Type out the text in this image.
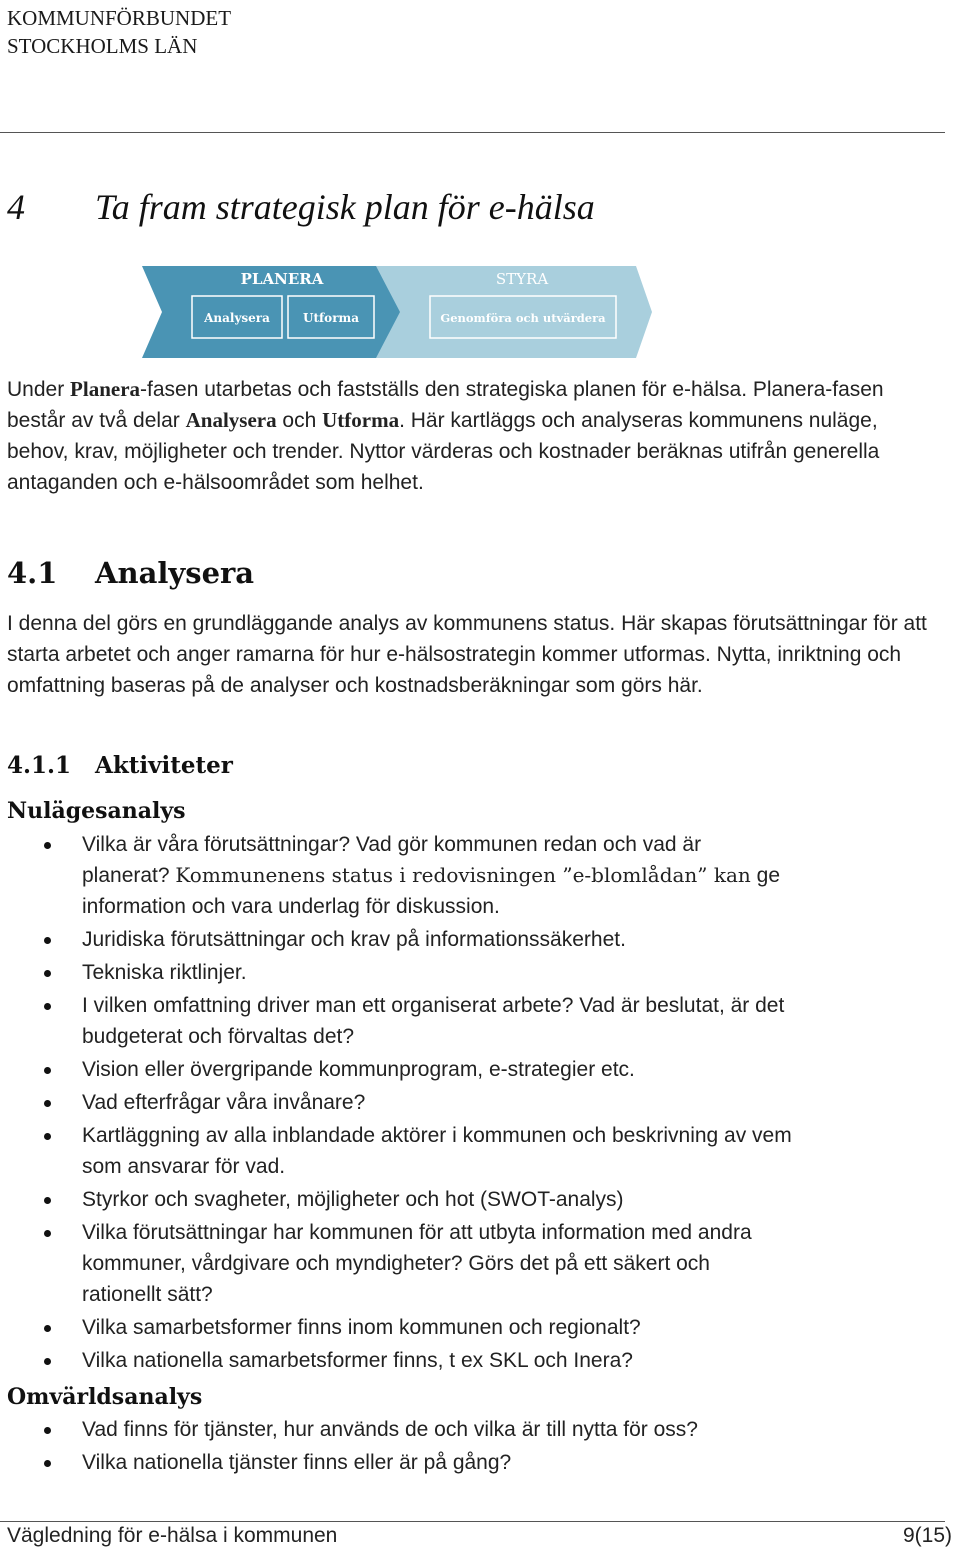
KOMMUNFÖRBUNDET
STOCKHOLMS LÄN
4 Ta fram strategisk plan för e-hälsa
PLANERA
Analysera	Utforma
STYRA
Genomföra och utvärdera

Under Planera-fasen utarbetas och fastställs den strategiska planen för e-hälsa. Planera-fasen består av två delar Analysera och Utforma. Här kartläggs och analyseras kommunens nuläge, behov, krav, möjligheter och trender. Nyttor värderas och kostnader beräknas utifrån generella antaganden och e-hälsoområdet som helhet.

4.1 Analysera

I denna del görs en grundläggande analys av kommunens status. Här skapas förutsättningar för att starta arbetet och anger ramarna för hur e-hälsostrategin kommer utformas. Nytta, inriktning och omfattning baseras på de analyser och kostnadsberäkningar som görs här.

4.1.1 Aktiviteter
Nulägesanalys
Vilka är våra förutsättningar? Vad gör kommunen redan och vad är planerat? Kommunenens status i redovisningen ”e-blomlådan” kan ge information och vara underlag för diskussion.
Juridiska förutsättningar och krav på informationssäkerhet.
Tekniska riktlinjer.
I vilken omfattning driver man ett organiserat arbete? Vad är beslutat, är det budgeterat och förvaltas det?
Vision eller övergripande kommunprogram, e-strategier etc.
Vad efterfrågar våra invånare?
Kartläggning av alla inblandade aktörer i kommunen och beskrivning av vem som ansvarar för vad.
Styrkor och svagheter, möjligheter och hot (SWOT-analys)
Vilka förutsättningar har kommunen för att utbyta information med andra kommuner, vårdgivare och myndigheter? Görs det på ett säkert och rationellt sätt?
Vilka samarbetsformer finns inom kommunen och regionalt?
Vilka nationella samarbetsformer finns, t ex SKL och Inera?
Omvärldsanalys
Vad finns för tjänster, hur används de och vilka är till nytta för oss?
Vilka nationella tjänster finns eller är på gång?
Vägledning för e-hälsa i kommunen	9(15)
